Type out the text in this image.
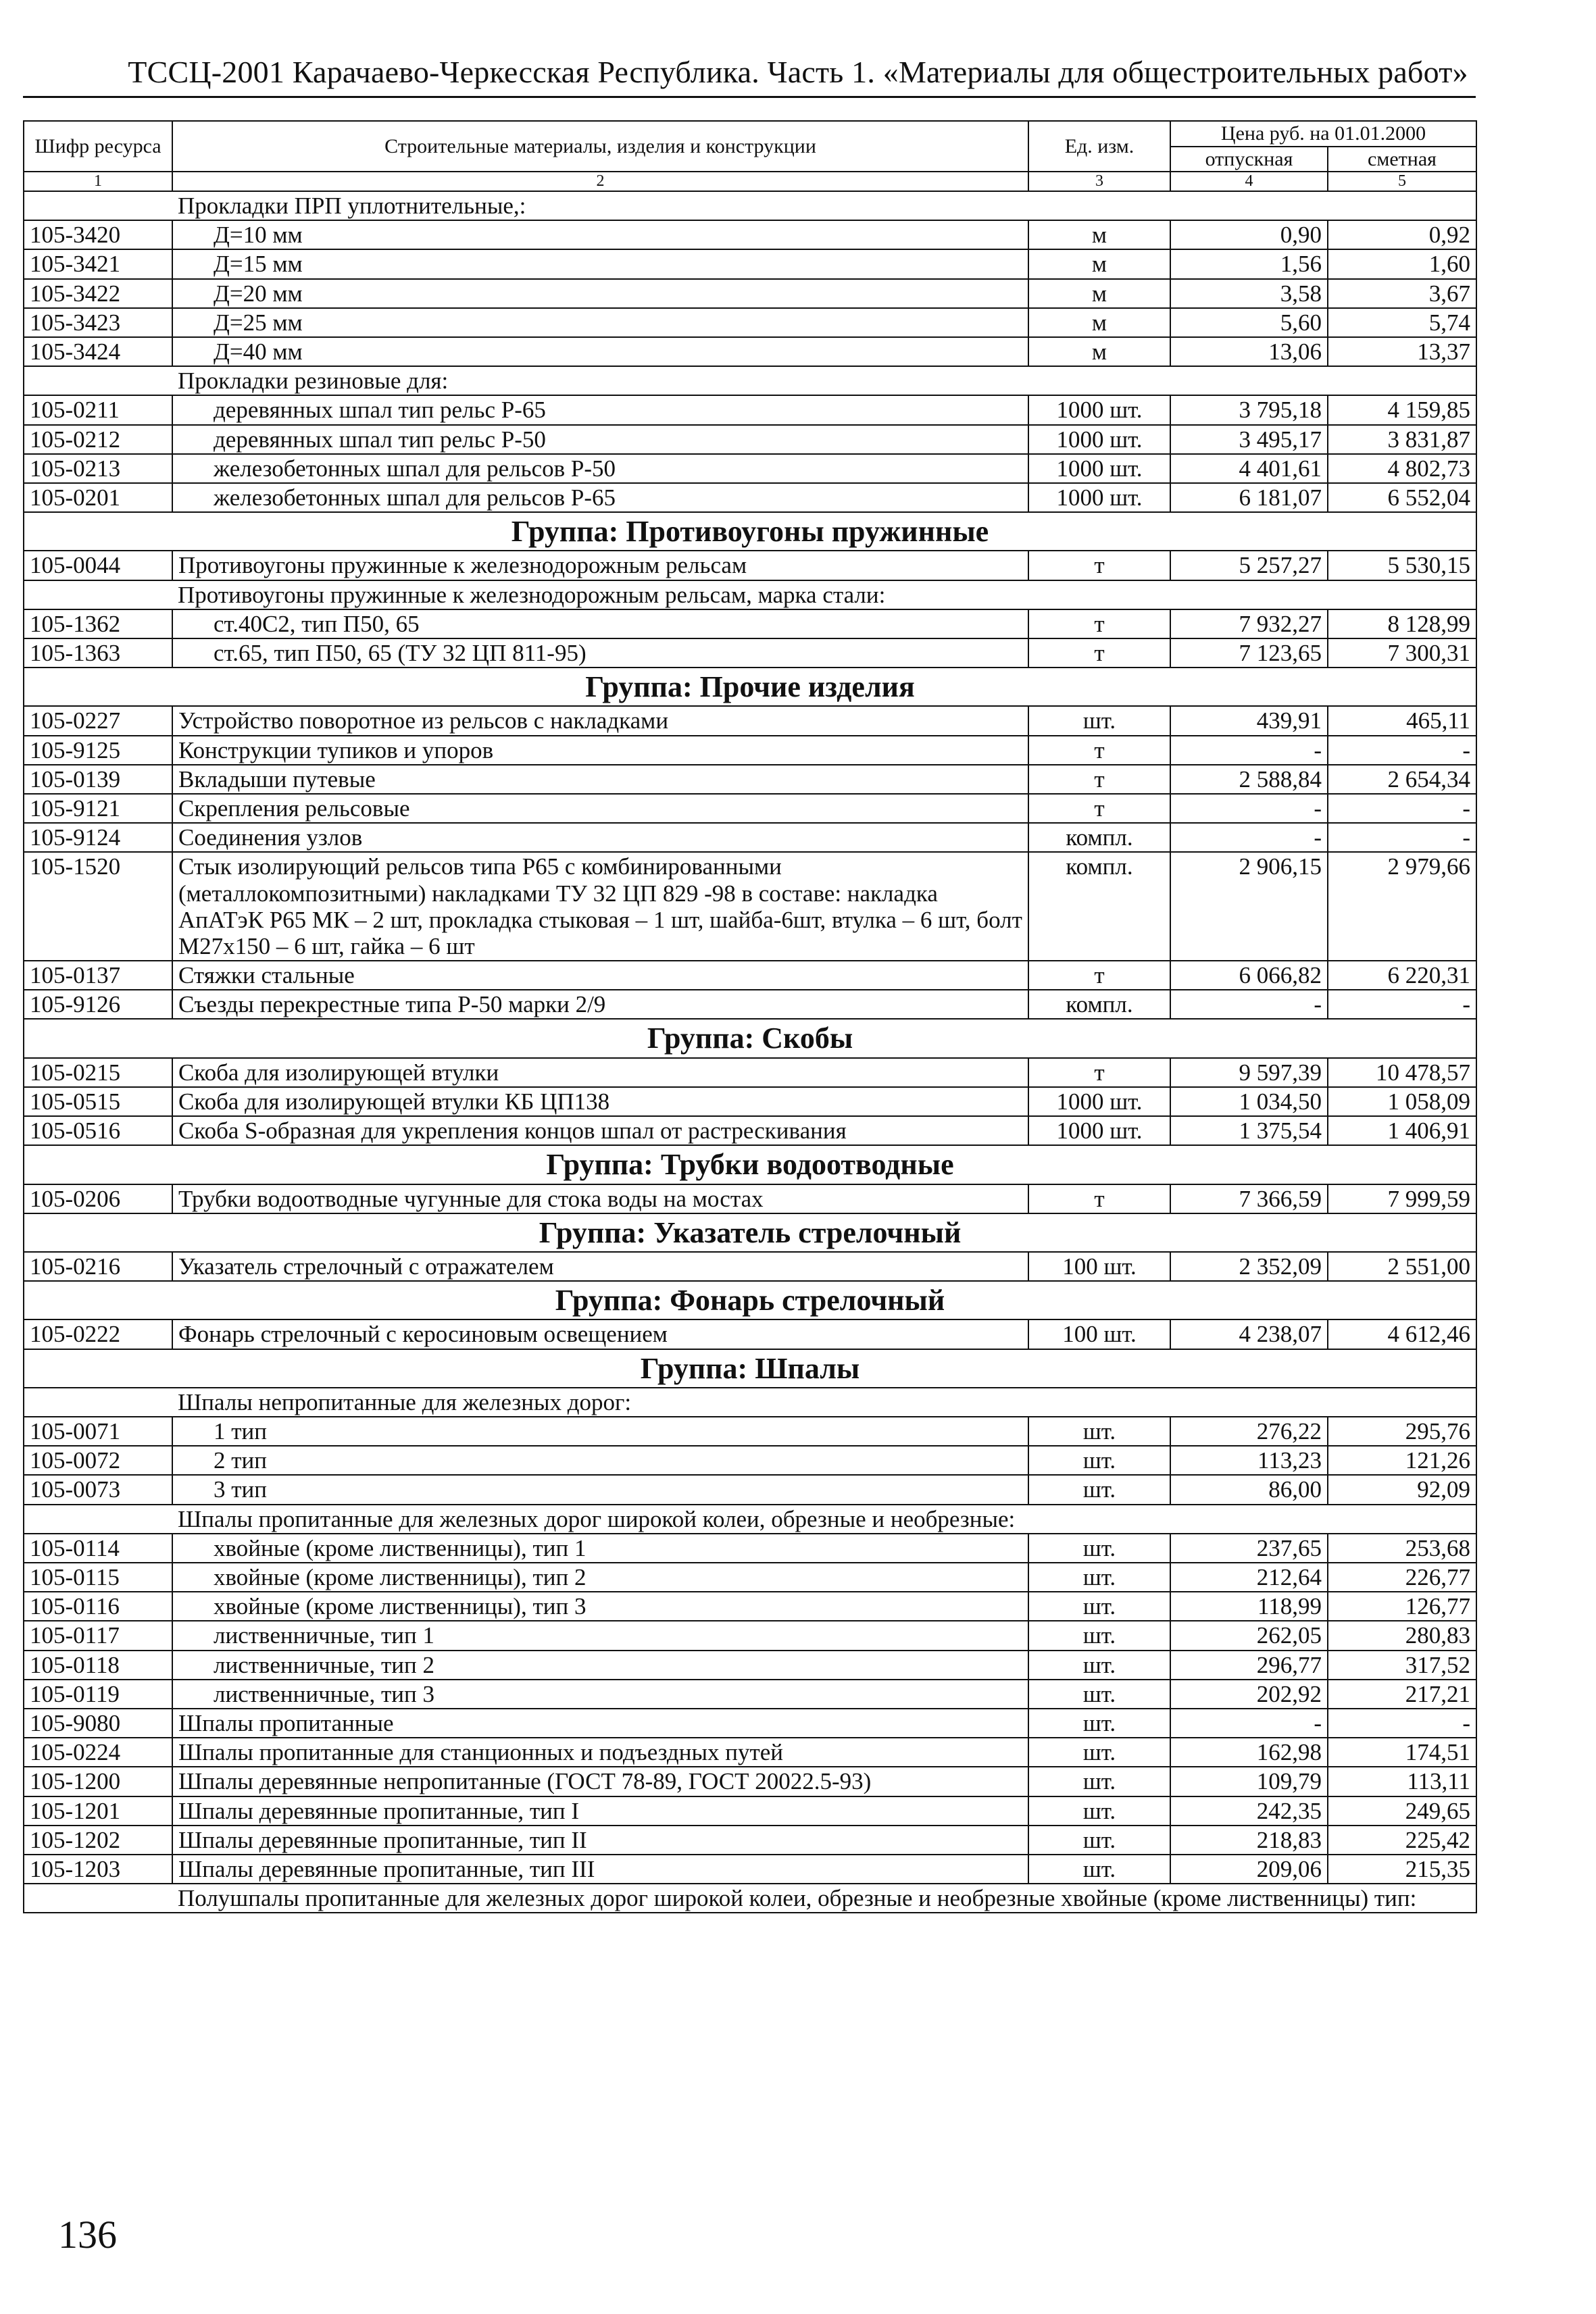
ТССЦ-2001 Карачаево-Черкесская Республика. Часть 1. «Материалы для общестроительных работ»
Шифр ресурса	Строительные материалы, изделия и конструкции	Ед. изм.	Цена руб. на 01.01.2000	
			отпускная	сметная
1	2	3	4	5
	Прокладки ПРП уплотнительные,:			
105-3420	Д=10 мм	м	0,90	0,92
105-3421	Д=15 мм	м	1,56	1,60
105-3422	Д=20 мм	м	3,58	3,67
105-3423	Д=25 мм	м	5,60	5,74
105-3424	Д=40 мм	м	13,06	13,37
	Прокладки резиновые для:			
105-0211	деревянных шпал тип рельс Р-65	1000 шт.	3 795,18	4 159,85
105-0212	деревянных шпал тип рельс Р-50	1000 шт.	3 495,17	3 831,87
105-0213	железобетонных шпал для рельсов Р-50	1000 шт.	4 401,61	4 802,73
105-0201	железобетонных шпал для рельсов Р-65	1000 шт.	6 181,07	6 552,04
Группа: Противоугоны пружинные				
105-0044	Противоугоны пружинные к железнодорожным рельсам	т	5 257,27	5 530,15
	Противоугоны пружинные к железнодорожным рельсам, марка стали:			
105-1362	ст.40С2, тип П50, 65	т	7 932,27	8 128,99
105-1363	ст.65, тип П50, 65 (ТУ 32 ЦП 811-95)	т	7 123,65	7 300,31
Группа: Прочие изделия				
105-0227	Устройство поворотное из рельсов с накладками	шт.	439,91	465,11
105-9125	Конструкции тупиков и упоров	т	-	-
105-0139	Вкладыши путевые	т	2 588,84	2 654,34
105-9121	Скрепления рельсовые	т	-	-
105-9124	Соединения узлов	компл.	-	-
105-1520	Стык изолирующий рельсов типа Р65 с комбинированными (металлокомпозитными) накладками ТУ 32 ЦП 829 -98 в составе: накладка АпАТэК Р65 МК – 2 шт, прокладка стыковая – 1 шт, шайба-6шт, втулка – 6 шт, болт М27х150 – 6 шт, гайка – 6 шт	компл.	2 906,15	2 979,66
105-0137	Стяжки стальные	т	6 066,82	6 220,31
105-9126	Съезды перекрестные типа Р-50 марки 2/9	компл.	-	-
Группа: Скобы				
105-0215	Скоба для изолирующей втулки	т	9 597,39	10 478,57
105-0515	Скоба для изолирующей втулки КБ ЦП138	1000 шт.	1 034,50	1 058,09
105-0516	Скоба S-образная для укрепления концов шпал от растрескивания	1000 шт.	1 375,54	1 406,91
Группа: Трубки водоотводные				
105-0206	Трубки водоотводные чугунные для стока воды на мостах	т	7 366,59	7 999,59
Группа: Указатель стрелочный				
105-0216	Указатель стрелочный с отражателем	100 шт.	2 352,09	2 551,00
Группа: Фонарь стрелочный				
105-0222	Фонарь стрелочный с керосиновым освещением	100 шт.	4 238,07	4 612,46
Группа: Шпалы				
	Шпалы непропитанные для железных дорог:			
105-0071	1 тип	шт.	276,22	295,76
105-0072	2 тип	шт.	113,23	121,26
105-0073	3 тип	шт.	86,00	92,09
	Шпалы пропитанные для железных дорог широкой колеи, обрезные и необрезные:			
105-0114	хвойные (кроме лиственницы), тип 1	шт.	237,65	253,68
105-0115	хвойные (кроме лиственницы), тип 2	шт.	212,64	226,77
105-0116	хвойные (кроме лиственницы), тип 3	шт.	118,99	126,77
105-0117	лиственничные, тип 1	шт.	262,05	280,83
105-0118	лиственничные, тип 2	шт.	296,77	317,52
105-0119	лиственничные, тип 3	шт.	202,92	217,21
105-9080	Шпалы пропитанные	шт.	-	-
105-0224	Шпалы пропитанные для станционных и подъездных путей	шт.	162,98	174,51
105-1200	Шпалы деревянные непропитанные (ГОСТ 78-89, ГОСТ 20022.5-93)	шт.	109,79	113,11
105-1201	Шпалы деревянные пропитанные, тип I	шт.	242,35	249,65
105-1202	Шпалы деревянные пропитанные, тип II	шт.	218,83	225,42
105-1203	Шпалы деревянные пропитанные, тип III	шт.	209,06	215,35
	Полушпалы пропитанные для железных дорог широкой колеи, обрезные и необрезные хвойные (кроме лиственницы) тип:			
136
